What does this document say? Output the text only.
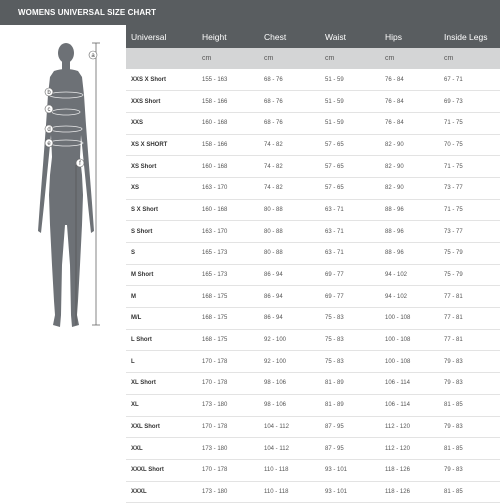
WOMENS UNIVERSAL SIZE CHART
a
b
c
d
e
f
Universal	Height	Chest	Waist	Hips	Inside Legs
	cm	cm	cm	cm	cm
XXS X Short	155 - 163	68 - 76	51 - 59	76 - 84	67 - 71
XXS Short	158 - 166	68 - 76	51 - 59	76 - 84	69 - 73
XXS	160 - 168	68 - 76	51 - 59	76 - 84	71 - 75
XS X SHORT	158 - 166	74 - 82	57 - 65	82 - 90	70 - 75
XS Short	160 - 168	74 - 82	57 - 65	82 - 90	71 - 75
XS	163 - 170	74 - 82	57 - 65	82 - 90	73 - 77
S X Short	160 - 168	80 - 88	63 - 71	88 - 96	71 - 75
S Short	163 - 170	80 - 88	63 - 71	88 - 96	73 - 77
S	165 - 173	80 - 88	63 - 71	88 - 96	75 - 79
M Short	165 - 173	86 - 94	69 - 77	94 - 102	75 - 79
M	168 - 175	86 - 94	69 - 77	94 - 102	77 - 81
M/L	168 - 175	86 - 94	75 - 83	100 - 108	77 - 81
L Short	168 - 175	92 - 100	75 - 83	100 - 108	77 - 81
L	170 - 178	92 - 100	75 - 83	100 - 108	79 - 83
XL Short	170 - 178	98 - 106	81 - 89	106 - 114	79 - 83
XL	173 - 180	98 - 106	81 - 89	106 - 114	81 - 85
XXL Short	170 - 178	104 - 112	87 - 95	112 - 120	79 - 83
XXL	173 - 180	104 - 112	87 - 95	112 - 120	81 - 85
XXXL Short	170 - 178	110 - 118	93 - 101	118 - 126	79 - 83
XXXL	173 - 180	110 - 118	93 - 101	118 - 126	81 - 85
